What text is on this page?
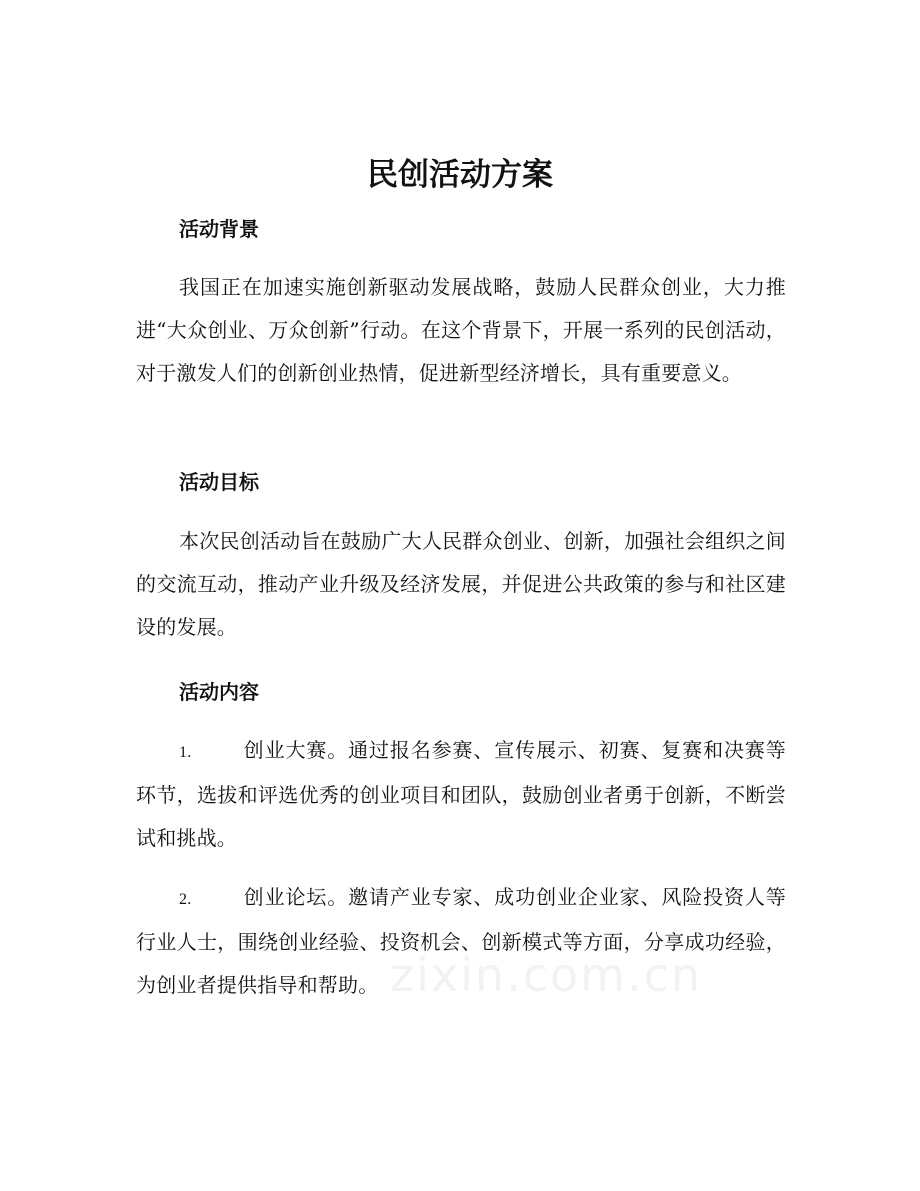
民创活动方案
活动背景

我国正在加速实施创新驱动发展战略，鼓励人民群众创业，大力推进“大众创业、万众创新”行动。在这个背景下，开展一系列的民创活动，对于激发人们的创新创业热情，促进新型经济增长，具有重要意义。

活动目标

本次民创活动旨在鼓励广大人民群众创业、创新，加强社会组织之间的交流互动，推动产业升级及经济发展，并促进公共政策的参与和社区建设的发展。

活动内容

1.	创业大赛。通过报名参赛、宣传展示、初赛、复赛和决赛等环节，选拔和评选优秀的创业项目和团队，鼓励创业者勇于创新，不断尝试和挑战。

2.	创业论坛。邀请产业专家、成功创业企业家、风险投资人等行业人士，围绕创业经验、投资机会、创新模式等方面，分享成功经验，为创业者提供指导和帮助。 zixin.com.cn
